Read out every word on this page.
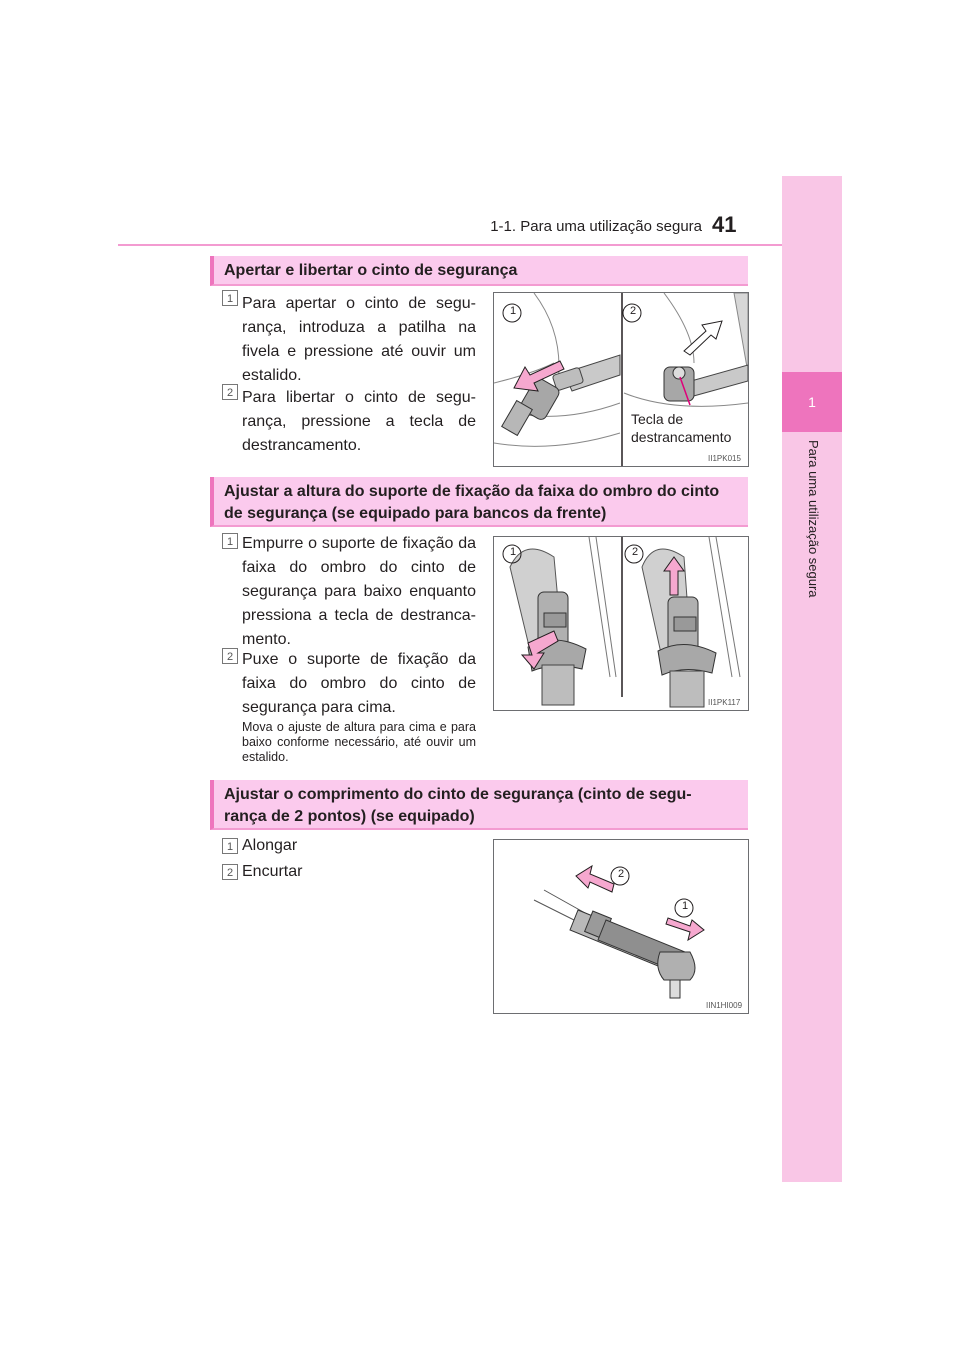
1-1. Para uma utilização segura 41
1
Para uma utilização segura
Apertar e libertar o cinto de segurança
1 Para apertar o cinto de segu-rança, introduza a patilha na fivela e pressione até ouvir um estalido.
2 Para libertar o cinto de segu-rança, pressione a tecla de destrancamento.
1	2
Tecla de
destrancamento
II1PK015
Ajustar a altura do suporte de fixação da faixa do ombro do cinto
de segurança (se equipado para bancos da frente)
1 Empurre o suporte de fixação da faixa do ombro do cinto de segurança para baixo enquanto pressiona a tecla de destranca-mento.
2 Puxe o suporte de fixação da faixa do ombro do cinto de segurança para cima.
Mova o ajuste de altura para cima e para baixo conforme necessário, até ouvir um estalido.
1	2
II1PK117
Ajustar o comprimento do cinto de segurança (cinto de segu-
rança de 2 pontos) (se equipado)
1 Alongar
2 Encurtar	2
1
IIN1HI009
